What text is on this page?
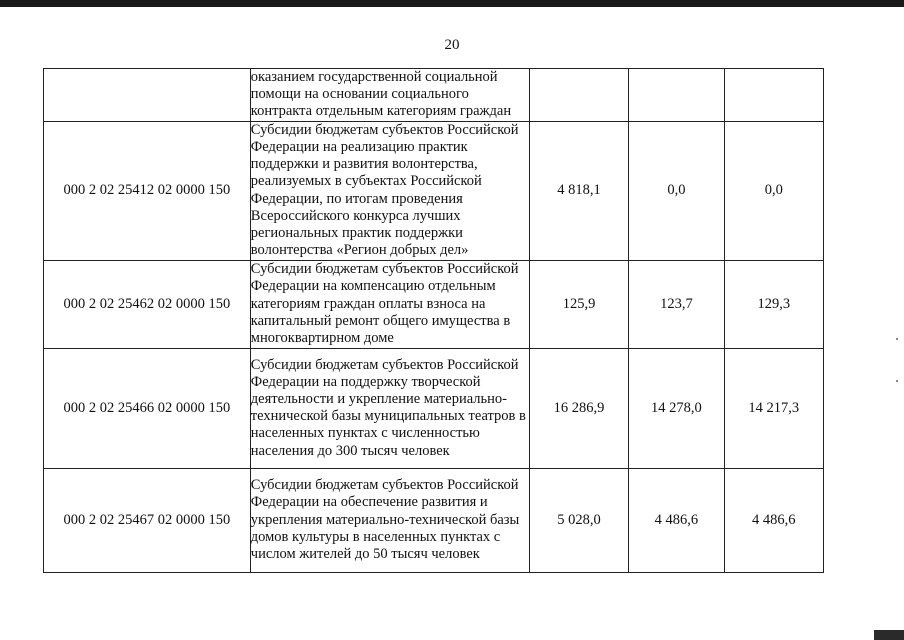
20
	оказанием государственной социальной помощи на основании социального контракта отдельным категориям граждан			
000 2 02 25412 02 0000 150	Субсидии бюджетам субъектов Российской Федерации на реализацию практик поддержки и развития волонтерства, реализуемых в субъектах Российской Федерации, по итогам проведения Всероссийского конкурса лучших региональных практик поддержки волонтерства «Регион добрых дел»	4 818,1	0,0	0,0
000 2 02 25462 02 0000 150	Субсидии бюджетам субъектов Российской Федерации на компенсацию отдельным категориям граждан оплаты взноса на капитальный ремонт общего имущества в многоквартирном доме	125,9	123,7	129,3
000 2 02 25466 02 0000 150	Субсидии бюджетам субъектов Российской Федерации на поддержку творческой деятельности и укрепление материально-технической базы муниципальных театров в населенных пунктах с численностью населения до 300 тысяч человек	16 286,9	14 278,0	14 217,3
000 2 02 25467 02 0000 150	Субсидии бюджетам субъектов Российской Федерации на обеспечение развития и укрепления материально-технической базы домов культуры в населенных пунктах с числом жителей до 50 тысяч человек	5 028,0	4 486,6	4 486,6
